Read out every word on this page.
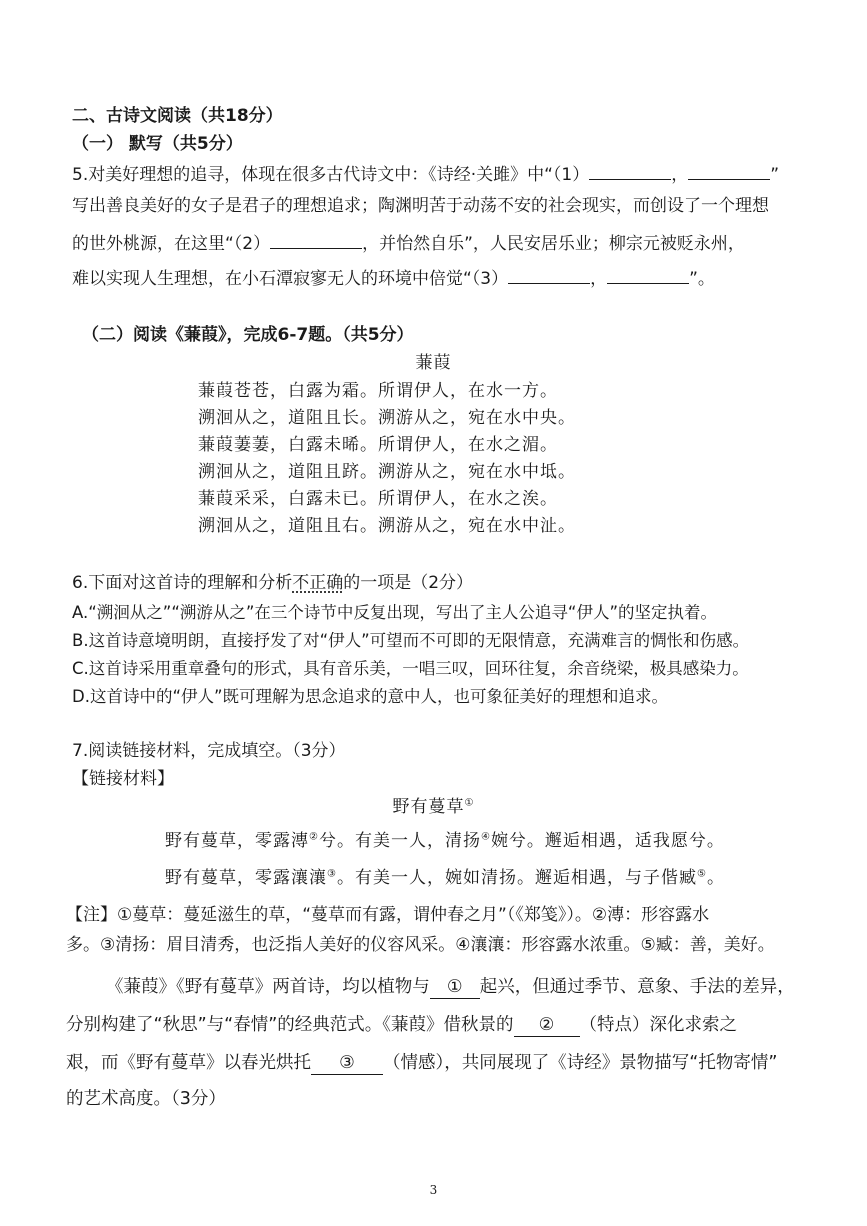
二、古诗文阅读（共18分）
（一） 默写（共5分）
5.对美好理想的追寻，体现在很多古代诗文中：《诗经·关雎》中“（1）	，	”
写出善良美好的女子是君子的理想追求；陶渊明苦于动荡不安的社会现实，而创设了一个理想
的世外桃源，在这里“（2）	，并怡然自乐”，人民安居乐业；柳宗元被贬永州，
难以实现人生理想，在小石潭寂寥无人的环境中倍觉“（3）	，	”。
（二）阅读《蒹葭》，完成6-7题。（共5分）
蒹葭
蒹葭苍苍，白露为霜。所谓伊人，在水一方。
溯洄从之，道阻且长。溯游从之，宛在水中央。
蒹葭萋萋，白露未晞。所谓伊人，在水之湄。
溯洄从之，道阻且跻。溯游从之，宛在水中坻。
蒹葭采采，白露未已。所谓伊人，在水之涘。
溯洄从之，道阻且右。溯游从之，宛在水中沚。
6.下面对这首诗的理解和分析不正确的一项是（2分）
A.“溯洄从之”“溯游从之”在三个诗节中反复出现，写出了主人公追寻“伊人”的坚定执着。
B.这首诗意境明朗，直接抒发了对“伊人”可望而不可即的无限情意，充满难言的惆怅和伤感。
C.这首诗采用重章叠句的形式，具有音乐美，一唱三叹，回环往复，余音绕梁，极具感染力。
D.这首诗中的“伊人”既可理解为思念追求的意中人，也可象征美好的理想和追求。
7.阅读链接材料，完成填空。（3分）
【链接材料】
野有蔓草①
野有蔓草，零露漙②兮。有美一人，清扬④婉兮。邂逅相遇，适我愿兮。
野有蔓草，零露瀼瀼③。有美一人，婉如清扬。邂逅相遇，与子偕臧⑤。
【注】①蔓草：蔓延滋生的草，“蔓草而有露，谓仲春之月”（《郑笺》）。②漙：形容露水
多。③清扬：眉目清秀，也泛指人美好的仪容风采。④瀼瀼：形容露水浓重。⑤臧：善，美好。
《蒹葭》《野有蔓草》两首诗，均以植物与 ① 起兴，但通过季节、意象、手法的差异，
分别构建了“秋思”与“春情”的经典范式。《蒹葭》借秋景的 ② （特点）深化求索之
艰，而《野有蔓草》以春光烘托 ③ （情感），共同展现了《诗经》景物描写“托物寄情”
的艺术高度。（3分）
3
